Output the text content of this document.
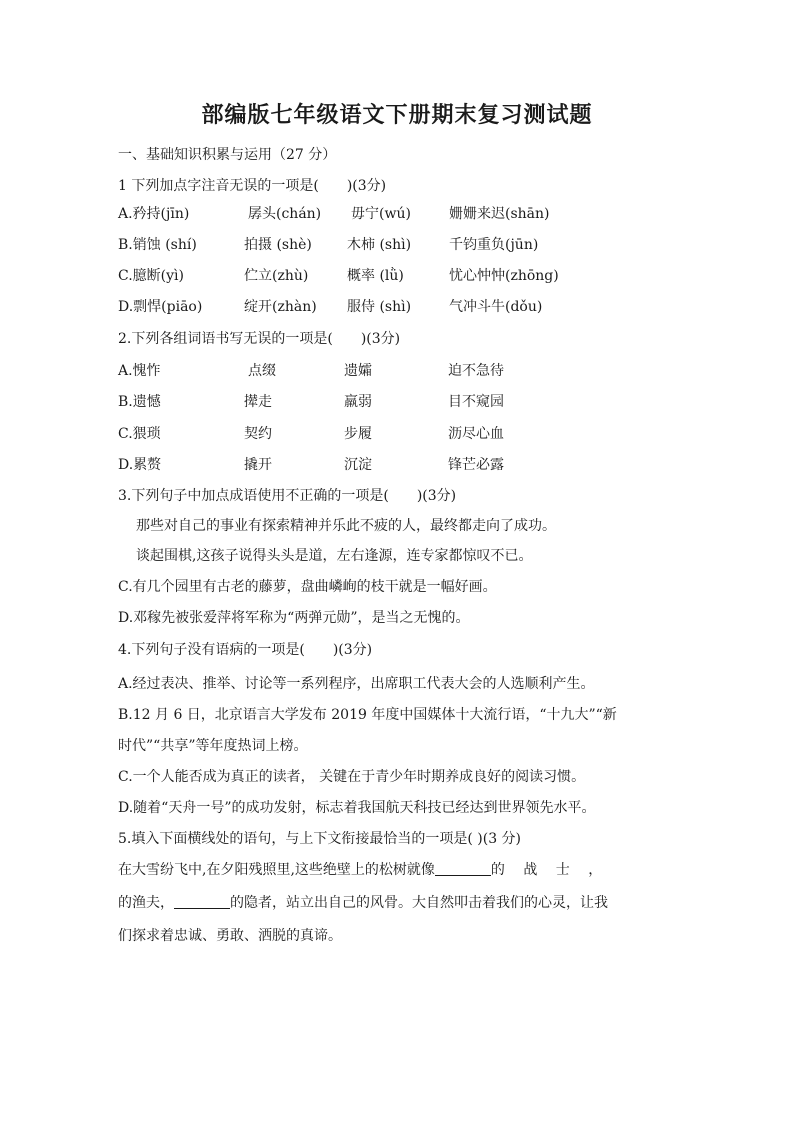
部编版七年级语文下册期末复习测试题
一、基础知识积累与运用（27 分）
1 下列加点字注音无误的一项是(　　)(3分)
A.矜持(jīn)	孱头(chán) 毋宁(wú)	姗姗来迟(shān)
B.销蚀 (shí)	拍摄 (shè)	木柿 (shì)	千钧重负(jūn)
C.臆断(yì)	伫立(zhù)	概率 (lǜ)	忧心忡忡(zhōng)
D.剽悍(piāo)	绽开(zhàn) 服侍 (shì)	气冲斗牛(dǒu)
2.下列各组词语书写无误的一项是(　　)(3分)
A.愧怍	点缀	遗孀	迫不急待
B.遗憾	撵走	羸弱	目不窥园
C.猥琐	契约	步履	沥尽心血
D.累赘	撬开	沉淀	锋芒必露
3.下列句子中加点成语使用不正确的一项是(　　)(3分)
那些对自己的事业有探索精神并乐此不疲的人，最终都走向了成功。
谈起围棋,这孩子说得头头是道，左右逢源，连专家都惊叹不已。
C.有几个园里有古老的藤萝，盘曲嶙峋的枝干就是一幅好画。
D.邓稼先被张爱萍将军称为“两弹元勋”，是当之无愧的。
4.下列句子没有语病的一项是(　　)(3分)
A.经过表决、推举、讨论等一系列程序，出席职工代表大会的人选顺利产生。
B.12 月 6 日，北京语言大学发布 2019 年度中国媒体十大流行语，“十九大”“新
时代”“共享”等年度热词上榜。
C.一个人能否成为真正的读者， 关键在于青少年时期养成良好的阅读习惯。
D.随着“天舟一号”的成功发射，标志着我国航天科技已经达到世界领先水平。
5.填入下面横线处的语句，与上下文衔接最恰当的一项是( )(3 分)
在大雪纷飞中,在夕阳残照里,这些绝壁上的松树就像	的　 战　 士　 ，
的渔夫，	的隐者，站立出自己的风骨。大自然叩击着我们的心灵，让我
们探求着忠诚、勇敢、洒脱的真谛。
